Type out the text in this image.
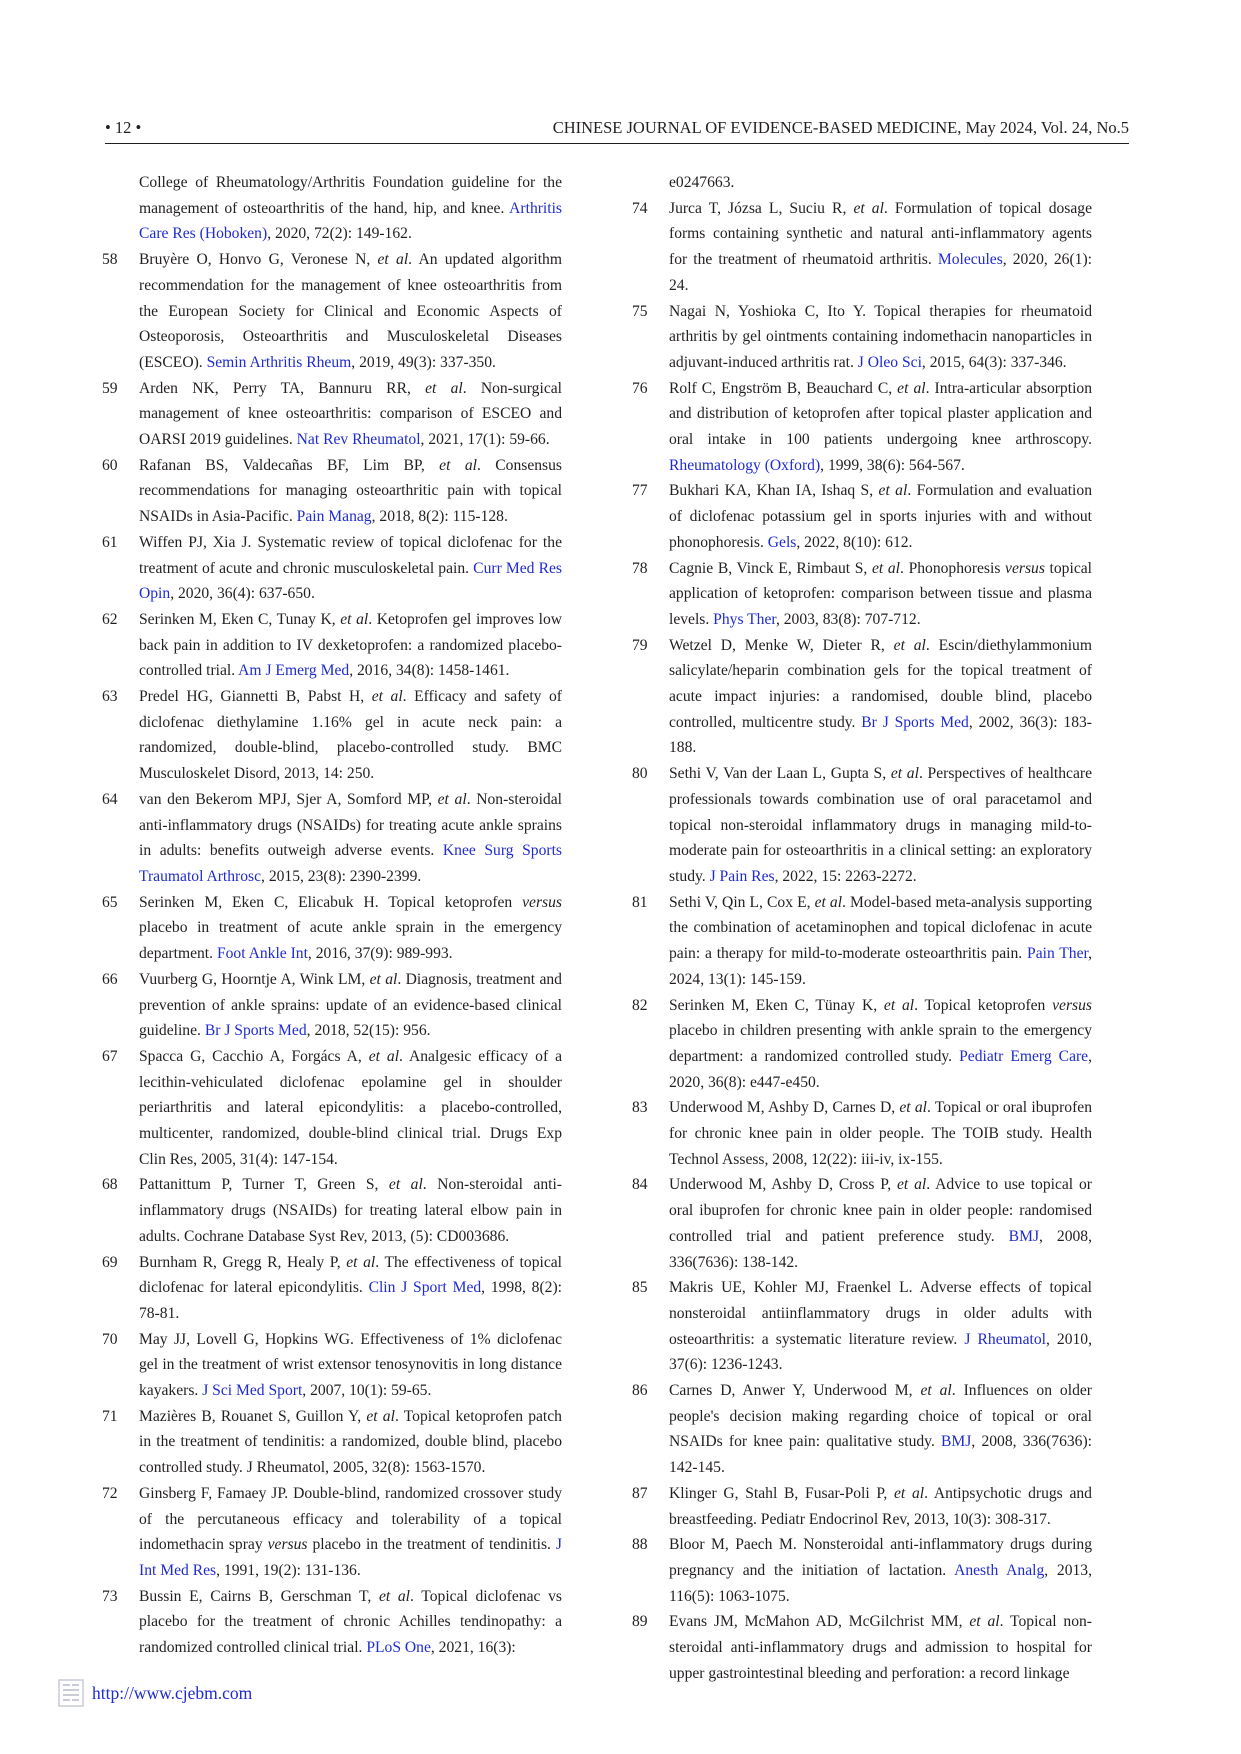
• 12 •	CHINESE JOURNAL OF EVIDENCE-BASED MEDICINE, May 2024, Vol. 24, No.5
College of Rheumatology/Arthritis Foundation guideline for the management of osteoarthritis of the hand, hip, and knee. Arthritis Care Res (Hoboken), 2020, 72(2): 149-162.
58	Bruyère O, Honvo G, Veronese N, et al. An updated algorithm recommendation for the management of knee osteoarthritis from the European Society for Clinical and Economic Aspects of Osteoporosis, Osteoarthritis and Musculoskeletal Diseases (ESCEO). Semin Arthritis Rheum, 2019, 49(3): 337-350.
59	Arden NK, Perry TA, Bannuru RR, et al. Non-surgical management of knee osteoarthritis: comparison of ESCEO and OARSI 2019 guidelines. Nat Rev Rheumatol, 2021, 17(1): 59-66.
60	Rafanan BS, Valdecañas BF, Lim BP, et al. Consensus recommendations for managing osteoarthritic pain with topical NSAIDs in Asia-Pacific. Pain Manag, 2018, 8(2): 115-128.
61	Wiffen PJ, Xia J. Systematic review of topical diclofenac for the treatment of acute and chronic musculoskeletal pain. Curr Med Res Opin, 2020, 36(4): 637-650.
62	Serinken M, Eken C, Tunay K, et al. Ketoprofen gel improves low back pain in addition to IV dexketoprofen: a randomized placebo-controlled trial. Am J Emerg Med, 2016, 34(8): 1458-1461.
63	Predel HG, Giannetti B, Pabst H, et al. Efficacy and safety of diclofenac diethylamine 1.16% gel in acute neck pain: a randomized, double-blind, placebo-controlled study. BMC Musculoskelet Disord, 2013, 14: 250.
64	van den Bekerom MPJ, Sjer A, Somford MP, et al. Non-steroidal anti-inflammatory drugs (NSAIDs) for treating acute ankle sprains in adults: benefits outweigh adverse events. Knee Surg Sports Traumatol Arthrosc, 2015, 23(8): 2390-2399.
65	Serinken M, Eken C, Elicabuk H. Topical ketoprofen versus placebo in treatment of acute ankle sprain in the emergency department. Foot Ankle Int, 2016, 37(9): 989-993.
66	Vuurberg G, Hoorntje A, Wink LM, et al. Diagnosis, treatment and prevention of ankle sprains: update of an evidence-based clinical guideline. Br J Sports Med, 2018, 52(15): 956.
67	Spacca G, Cacchio A, Forgács A, et al. Analgesic efficacy of a lecithin-vehiculated diclofenac epolamine gel in shoulder periarthritis and lateral epicondylitis: a placebo-controlled, multicenter, randomized, double-blind clinical trial. Drugs Exp Clin Res, 2005, 31(4): 147-154.
68	Pattanittum P, Turner T, Green S, et al. Non-steroidal anti-inflammatory drugs (NSAIDs) for treating lateral elbow pain in adults. Cochrane Database Syst Rev, 2013, (5): CD003686.
69	Burnham R, Gregg R, Healy P, et al. The effectiveness of topical diclofenac for lateral epicondylitis. Clin J Sport Med, 1998, 8(2): 78-81.
70	May JJ, Lovell G, Hopkins WG. Effectiveness of 1% diclofenac gel in the treatment of wrist extensor tenosynovitis in long distance kayakers. J Sci Med Sport, 2007, 10(1): 59-65.
71	Mazières B, Rouanet S, Guillon Y, et al. Topical ketoprofen patch in the treatment of tendinitis: a randomized, double blind, placebo controlled study. J Rheumatol, 2005, 32(8): 1563-1570.
72	Ginsberg F, Famaey JP. Double-blind, randomized crossover study of the percutaneous efficacy and tolerability of a topical indomethacin spray versus placebo in the treatment of tendinitis. J Int Med Res, 1991, 19(2): 131-136.
73	Bussin E, Cairns B, Gerschman T, et al. Topical diclofenac vs placebo for the treatment of chronic Achilles tendinopathy: a randomized controlled clinical trial. PLoS One, 2021, 16(3):
e0247663.
74	Jurca T, Józsa L, Suciu R, et al. Formulation of topical dosage forms containing synthetic and natural anti-inflammatory agents for the treatment of rheumatoid arthritis. Molecules, 2020, 26(1): 24.
75	Nagai N, Yoshioka C, Ito Y. Topical therapies for rheumatoid arthritis by gel ointments containing indomethacin nanoparticles in adjuvant-induced arthritis rat. J Oleo Sci, 2015, 64(3): 337-346.
76	Rolf C, Engström B, Beauchard C, et al. Intra-articular absorption and distribution of ketoprofen after topical plaster application and oral intake in 100 patients undergoing knee arthroscopy. Rheumatology (Oxford), 1999, 38(6): 564-567.
77	Bukhari KA, Khan IA, Ishaq S, et al. Formulation and evaluation of diclofenac potassium gel in sports injuries with and without phonophoresis. Gels, 2022, 8(10): 612.
78	Cagnie B, Vinck E, Rimbaut S, et al. Phonophoresis versus topical application of ketoprofen: comparison between tissue and plasma levels. Phys Ther, 2003, 83(8): 707-712.
79	Wetzel D, Menke W, Dieter R, et al. Escin/diethylammonium salicylate/heparin combination gels for the topical treatment of acute impact injuries: a randomised, double blind, placebo controlled, multicentre study. Br J Sports Med, 2002, 36(3): 183-188.
80	Sethi V, Van der Laan L, Gupta S, et al. Perspectives of healthcare professionals towards combination use of oral paracetamol and topical non-steroidal inflammatory drugs in managing mild-to-moderate pain for osteoarthritis in a clinical setting: an exploratory study. J Pain Res, 2022, 15: 2263-2272.
81	Sethi V, Qin L, Cox E, et al. Model-based meta-analysis supporting the combination of acetaminophen and topical diclofenac in acute pain: a therapy for mild-to-moderate osteoarthritis pain. Pain Ther, 2024, 13(1): 145-159.
82	Serinken M, Eken C, Tünay K, et al. Topical ketoprofen versus placebo in children presenting with ankle sprain to the emergency department: a randomized controlled study. Pediatr Emerg Care, 2020, 36(8): e447-e450.
83	Underwood M, Ashby D, Carnes D, et al. Topical or oral ibuprofen for chronic knee pain in older people. The TOIB study. Health Technol Assess, 2008, 12(22): iii-iv, ix-155.
84	Underwood M, Ashby D, Cross P, et al. Advice to use topical or oral ibuprofen for chronic knee pain in older people: randomised controlled trial and patient preference study. BMJ, 2008, 336(7636): 138-142.
85	Makris UE, Kohler MJ, Fraenkel L. Adverse effects of topical nonsteroidal antiinflammatory drugs in older adults with osteoarthritis: a systematic literature review. J Rheumatol, 2010, 37(6): 1236-1243.
86	Carnes D, Anwer Y, Underwood M, et al. Influences on older people's decision making regarding choice of topical or oral NSAIDs for knee pain: qualitative study. BMJ, 2008, 336(7636): 142-145.
87	Klinger G, Stahl B, Fusar-Poli P, et al. Antipsychotic drugs and breastfeeding. Pediatr Endocrinol Rev, 2013, 10(3): 308-317.
88	Bloor M, Paech M. Nonsteroidal anti-inflammatory drugs during pregnancy and the initiation of lactation. Anesth Analg, 2013, 116(5): 1063-1075.
89	Evans JM, McMahon AD, McGilchrist MM, et al. Topical non-steroidal anti-inflammatory drugs and admission to hospital for upper gastrointestinal bleeding and perforation: a record linkage
http://www.cjebm.com
